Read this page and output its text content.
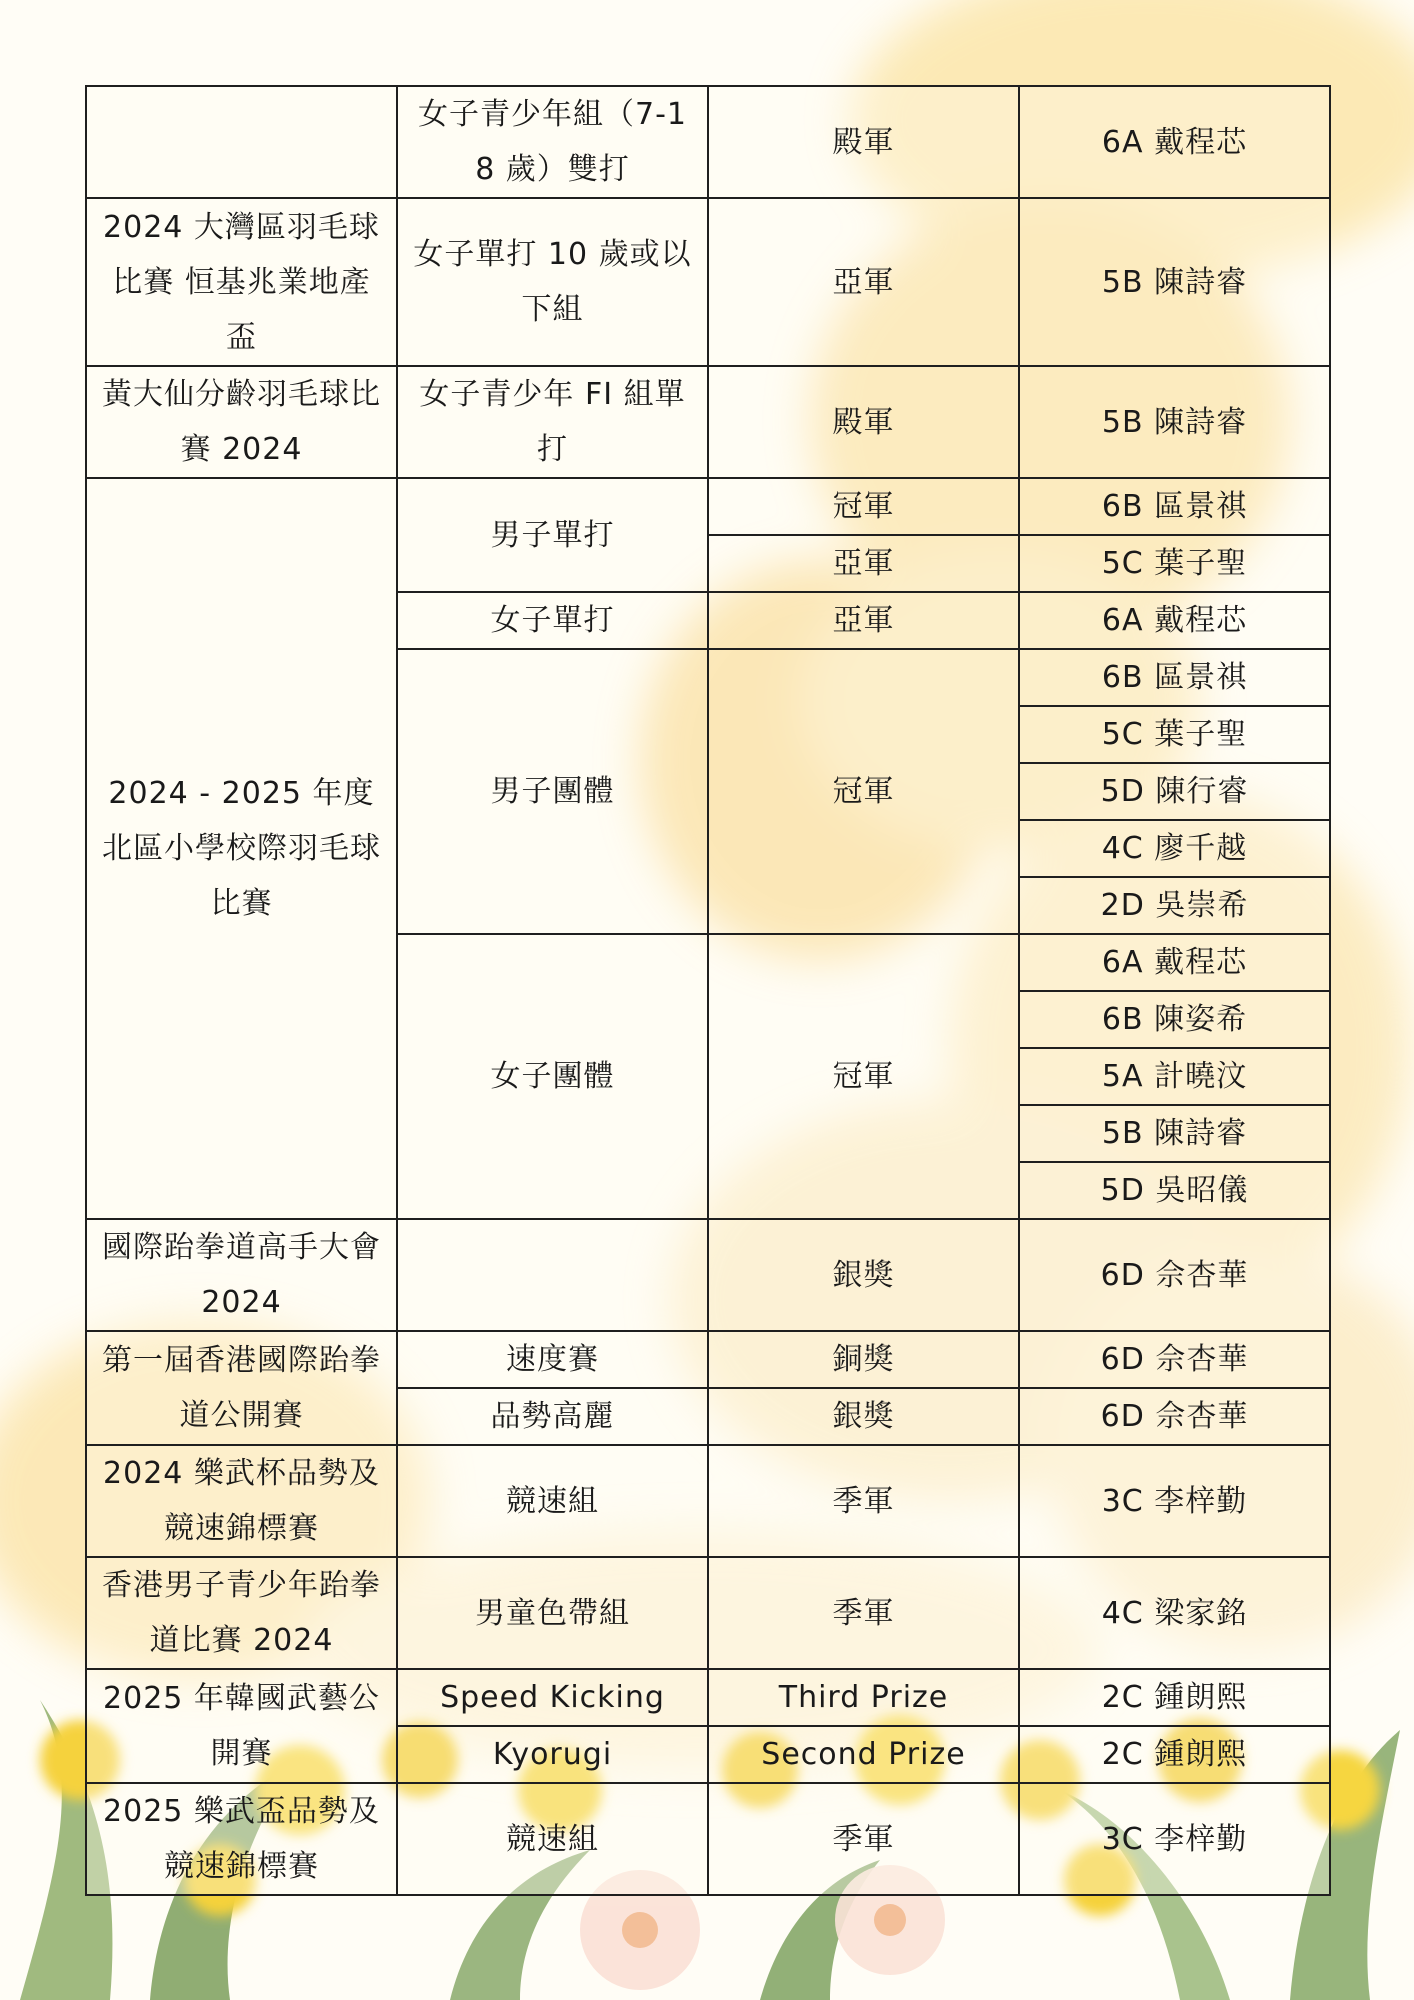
	女子青少年組（7-18 歲）雙打	殿軍	6A 戴程芯
2024 大灣區羽毛球比賽 恒基兆業地產盃	女子單打 10 歲或以下組	亞軍	5B 陳詩睿
黃大仙分齡羽毛球比賽 2024	女子青少年 FI 組單打	殿軍	5B 陳詩睿
2024 - 2025 年度北區小學校際羽毛球比賽	男子單打	冠軍	6B 區景祺
		亞軍	5C 葉子聖
	女子單打	亞軍	6A 戴程芯
	男子團體	冠軍	6B 區景祺
			5C 葉子聖
			5D 陳行睿
			4C 廖千越
			2D 吳崇希
	女子團體	冠軍	6A 戴程芯
			6B 陳姿希
			5A 計曉汶
			5B 陳詩睿
			5D 吳昭儀
國際跆拳道高手大會 2024		銀獎	6D 佘杏華
第一屆香港國際跆拳道公開賽	速度賽	銅獎	6D 佘杏華
	品勢高麗	銀獎	6D 佘杏華
2024 樂武杯品勢及競速錦標賽	競速組	季軍	3C 李梓勤
香港男子青少年跆拳道比賽 2024	男童色帶組	季軍	4C 梁家銘
2025 年韓國武藝公開賽	Speed Kicking	Third Prize	2C 鍾朗熙
	Kyorugi	Second Prize	2C 鍾朗熙
2025 樂武盃品勢及競速錦標賽	競速組	季軍	3C 李梓勤
